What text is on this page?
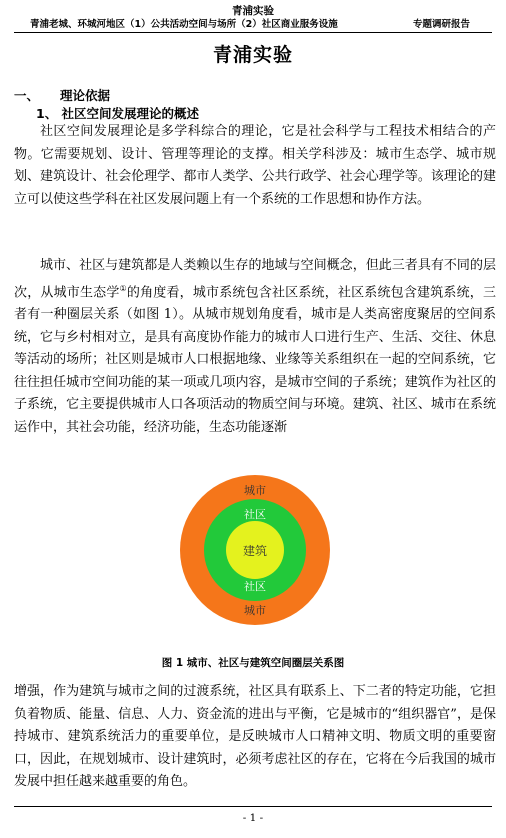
青浦实验
青浦老城、环城河地区（1）公共活动空间与场所（2）社区商业服务设施	专题调研报告
青浦实验
一、 理论依据
1、 社区空间发展理论的概述
社区空间发展理论是多学科综合的理论，它是社会科学与工程技术相结合的产物。它需要规划、设计、管理等理论的支撑。相关学科涉及：城市生态学、城市规划、建筑设计、社会伦理学、都市人类学、公共行政学、社会心理学等。该理论的建立可以使这些学科在社区发展问题上有一个系统的工作思想和协作方法。
城市、社区与建筑都是人类赖以生存的地域与空间概念，但此三者具有不同的层次，从城市生态学①的角度看，城市系统包含社区系统，社区系统包含建筑系统，三者有一种圈层关系（如图 1）。从城市规划角度看，城市是人类高密度聚居的空间系统，它与乡村相对立，是具有高度协作能力的城市人口进行生产、生活、交往、休息等活动的场所；社区则是城市人口根据地缘、业缘等关系组织在一起的空间系统，它往往担任城市空间功能的某一项或几项内容，是城市空间的子系统；建筑作为社区的子系统，它主要提供城市人口各项活动的物质空间与环境。建筑、社区、城市在系统运作中，其社会功能，经济功能，生态功能逐渐
城市
社区
建筑
社区
城市
图 1 城市、社区与建筑空间圈层关系图
增强，作为建筑与城市之间的过渡系统，社区具有联系上、下二者的特定功能，它担负着物质、能量、信息、人力、资金流的进出与平衡，它是城市的“组织器官”，是保持城市、建筑系统活力的重要单位，是反映城市人口精神文明、物质文明的重要窗口，因此，在规划城市、设计建筑时，必须考虑社区的存在，它将在今后我国的城市发展中担任越来越重要的角色。
- 1 -
